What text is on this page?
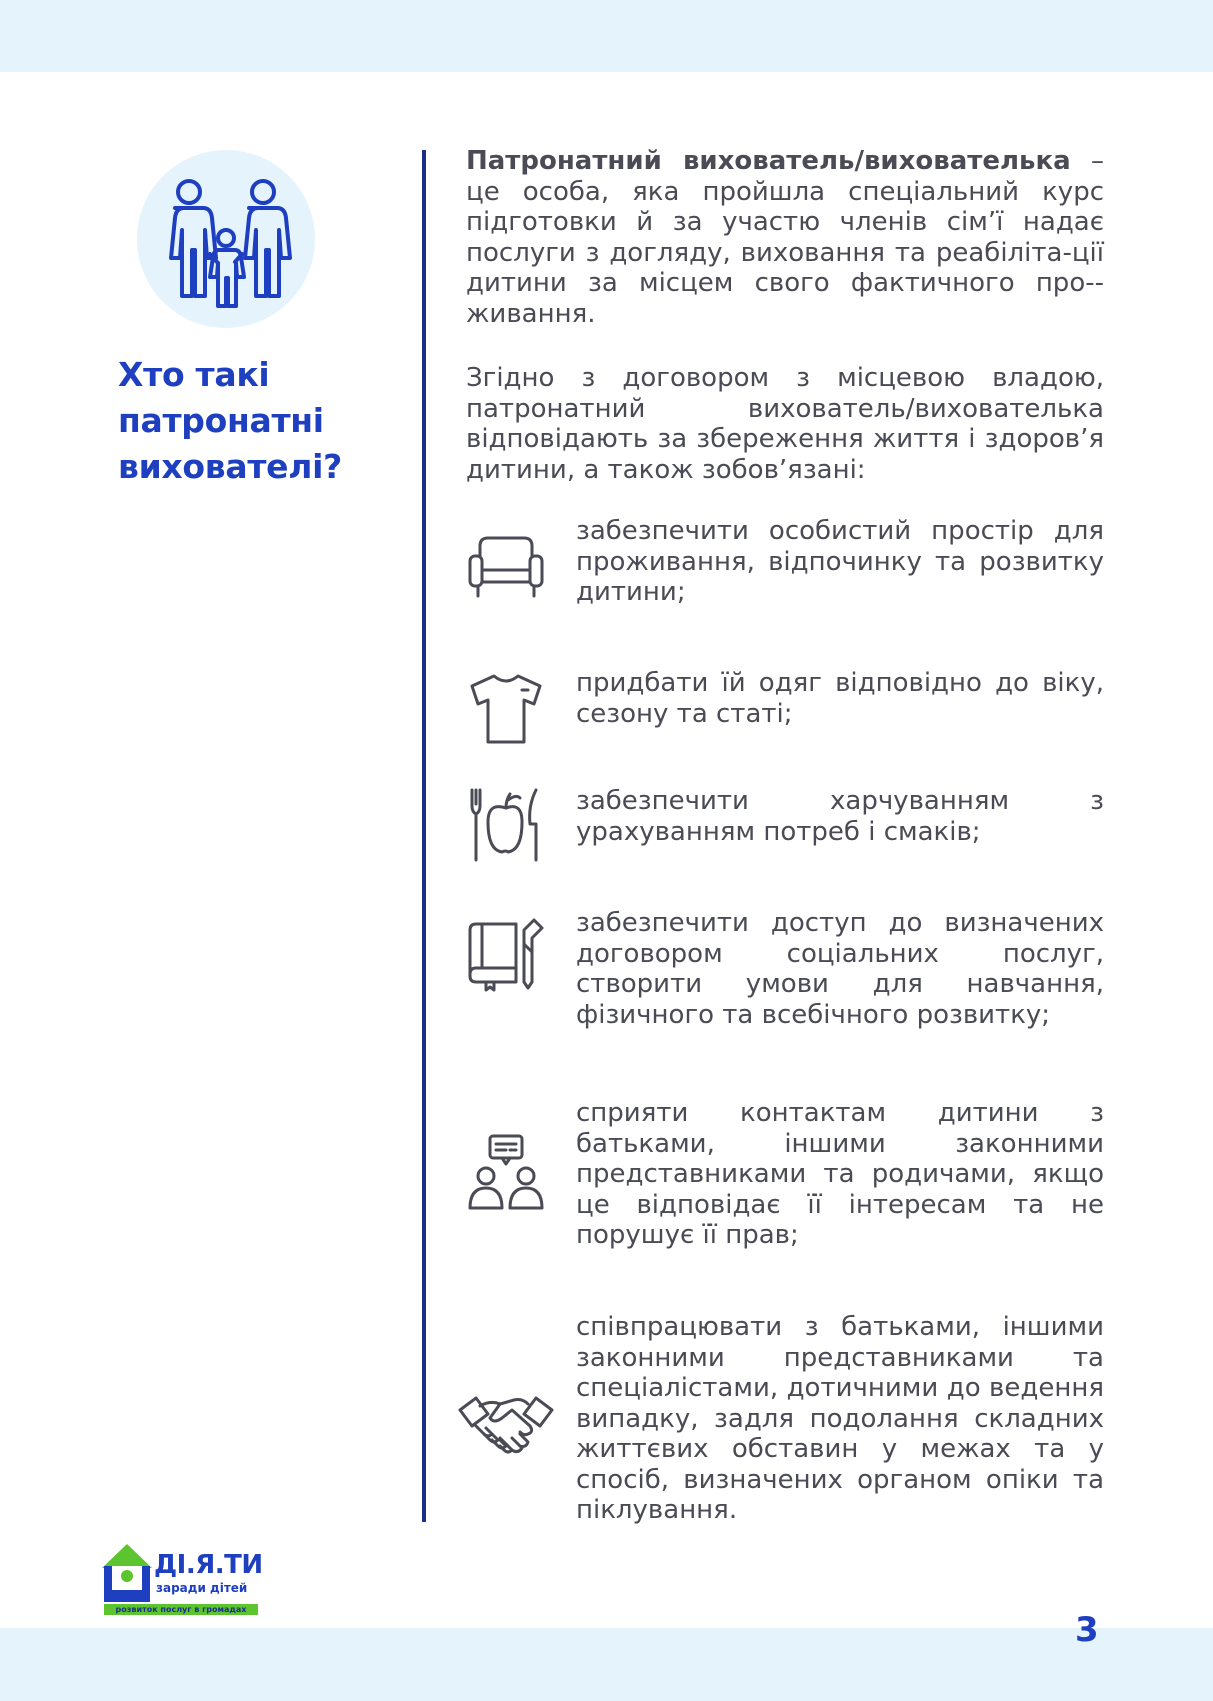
Хто такі
патронатні
вихователі?

Патронатний вихователь/вихователька – це особа, яка пройшла спеціальний курс підготовки й за участю членів сім’ї надає послуги з догляду, виховання та реабіліта-ції дитини за місцем свого фактичного про-живання.

Згідно з договором з місцевою владою, патронатний вихователь/вихователька відповідають за збереження життя і здоров’я дитини, а також зобов’язані:

забезпечити особистий простір для проживання, відпочинку та розвитку дитини;
придбати їй одяг відповідно до віку, сезону та статі;
забезпечити харчуванням з урахуванням потреб і смаків;
забезпечити доступ до визначених договором соціальних послуг, створити умови для навчання, фізичного та всебічного розвитку;
сприяти контактам дитини з батьками, іншими законними представниками та родичами, якщо це відповідає її інтересам та не порушує її прав;
співпрацювати з батьками, іншими законними представниками та спеціалістами, дотичними до ведення випадку, задля подолання складних життєвих обставин у межах та у спосіб, визначених органом опіки та піклування.
ДІ.Я.ТИ
заради дітей
розвиток послуг в громадах
3
